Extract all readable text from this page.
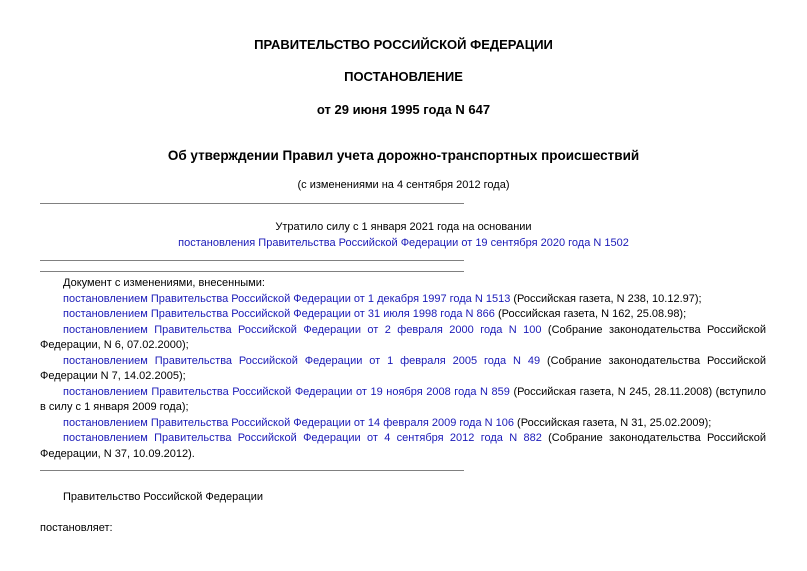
ПРАВИТЕЛЬСТВО РОССИЙСКОЙ ФЕДЕРАЦИИ
ПОСТАНОВЛЕНИЕ
от 29 июня 1995 года N 647
Об утверждении Правил учета дорожно-транспортных происшествий
(с изменениями на 4 сентября 2012 года)
Утратило силу с 1 января 2021 года на основании
постановления Правительства Российской Федерации от 19 сентября 2020 года N 1502

Документ с изменениями, внесенными:

постановлением Правительства Российской Федерации от 1 декабря 1997 года N 1513 (Российская газета, N 238, 10.12.97);

постановлением Правительства Российской Федерации от 31 июля 1998 года N 866 (Российская газета, N 162, 25.08.98);

постановлением Правительства Российской Федерации от 2 февраля 2000 года N 100 (Собрание законодательства Российской Федерации, N 6, 07.02.2000);

постановлением Правительства Российской Федерации от 1 февраля 2005 года N 49 (Собрание законодательства Российской Федерации N 7, 14.02.2005);

постановлением Правительства Российской Федерации от 19 ноября 2008 года N 859 (Российская газета, N 245, 28.11.2008) (вступило в силу с 1 января 2009 года);

постановлением Правительства Российской Федерации от 14 февраля 2009 года N 106 (Российская газета, N 31, 25.02.2009);

постановлением Правительства Российской Федерации от 4 сентября 2012 года N 882 (Собрание законодательства Российской Федерации, N 37, 10.09.2012).

Правительство Российской Федерации
постановляет:
